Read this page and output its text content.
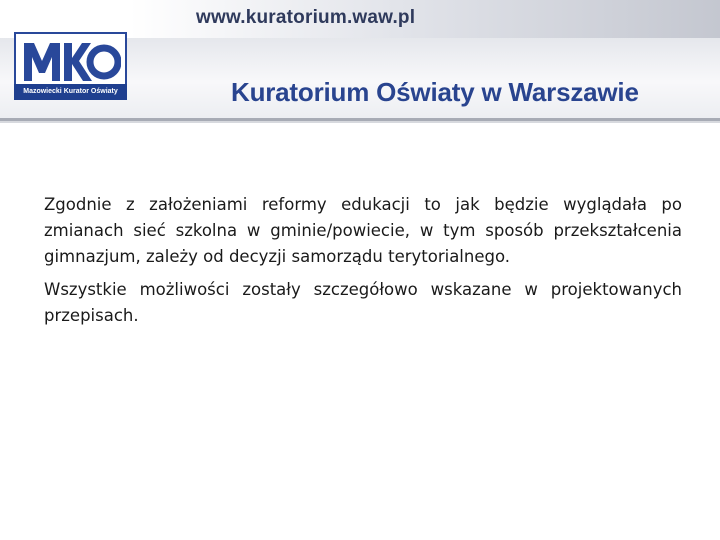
www.kuratorium.waw.pl
Kuratorium Oświaty w Warszawie
Mazowiecki Kurator Oświaty

Zgodnie z założeniami reformy edukacji to jak będzie wyglądała po zmianach sieć szkolna w gminie/powiecie, w tym sposób przekształcenia gimnazjum, zależy od decyzji samorządu terytorialnego.

Wszystkie możliwości zostały szczegółowo wskazane w projektowanych przepisach.
